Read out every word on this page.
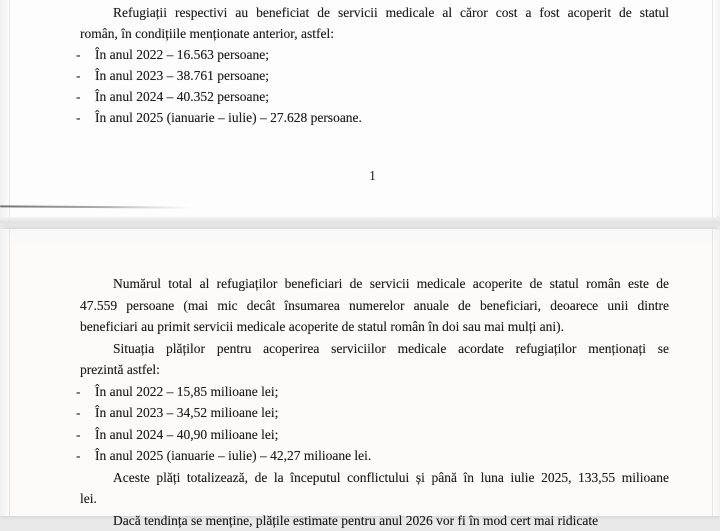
Refugiații respectivi au beneficiat de servicii medicale al căror cost a fost acoperit de statul
român, în condițiile menționate anterior, astfel:
-	În anul 2022 – 16.563 persoane;
-	În anul 2023 – 38.761 persoane;
-	În anul 2024 – 40.352 persoane;
-	În anul 2025 (ianuarie – iulie) – 27.628 persoane.
1
Numărul total al refugiaților beneficiari de servicii medicale acoperite de statul român este de
47.559 persoane (mai mic decât însumarea numerelor anuale de beneficiari, deoarece unii dintre
beneficiari au primit servicii medicale acoperite de statul român în doi sau mai mulți ani).
Situația plăților pentru acoperirea serviciilor medicale acordate refugiaților menționați se
prezintă astfel:
-	În anul 2022 – 15,85 milioane lei;
-	În anul 2023 – 34,52 milioane lei;
-	În anul 2024 – 40,90 milioane lei;
-	În anul 2025 (ianuarie – iulie) – 42,27 milioane lei.
Aceste plăți totalizează, de la începutul conflictului și până în luna iulie 2025, 133,55 milioane
lei.
Dacă tendința se menține, plățile estimate pentru anul 2026 vor fi în mod cert mai ridicate
